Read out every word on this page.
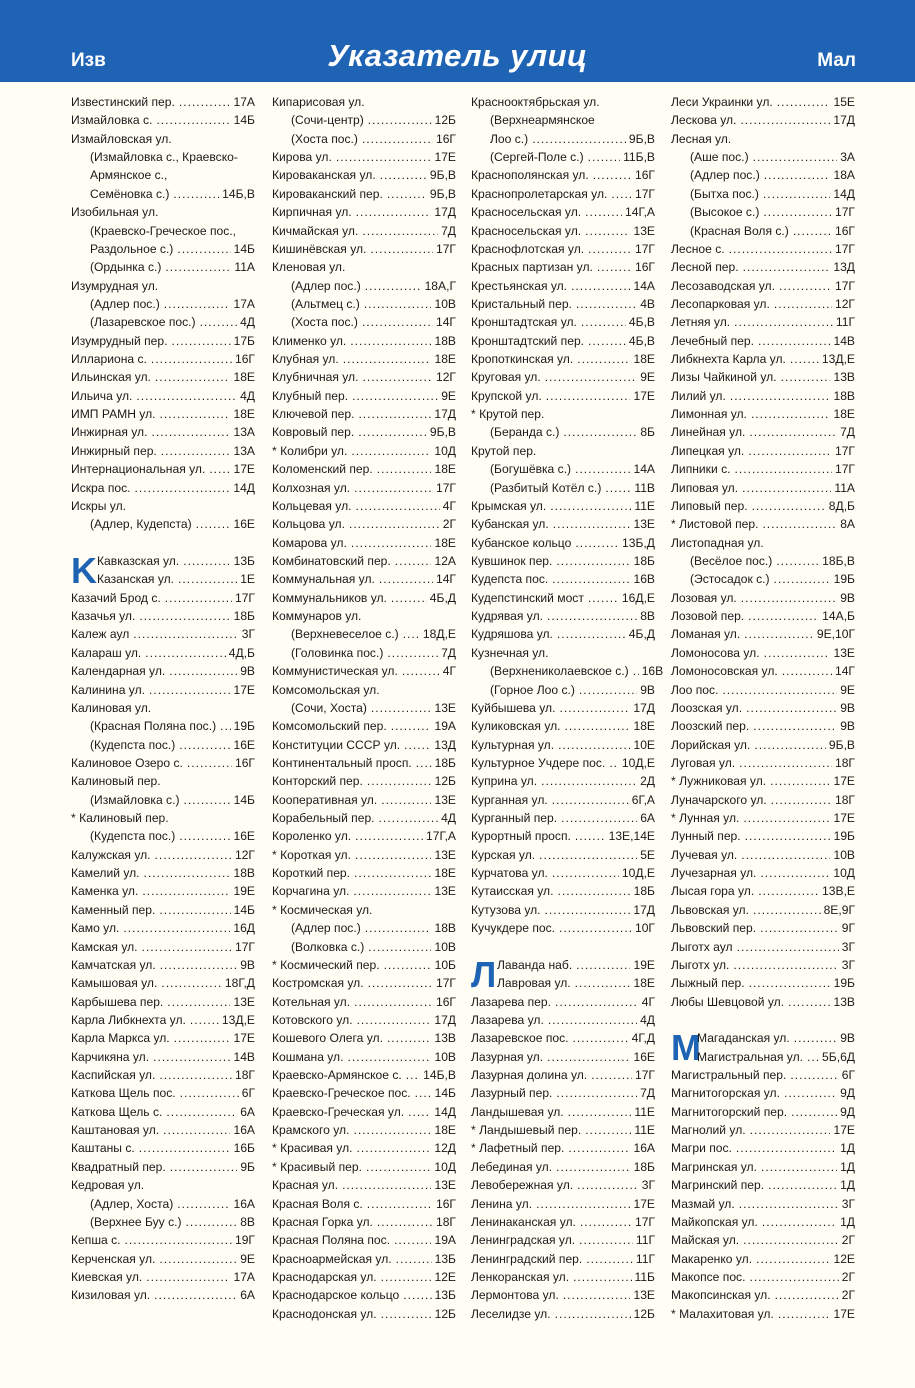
Изв	Указатель улиц	Мал
Известинский пер. .....	17А
Измайловка с. .....	14Б
Измайловская ул.
(Измайловка с., Краевско-
Армянское с.,
Семёновка с.) .....	14Б,В
Изобильная ул.
(Краевско-Греческое пос.,
Раздольное с.) .....	14Б
(Ордынка с.) .....	11А
Изумрудная ул.
(Адлер пос.) .....	17А
(Лазаревское пос.) .....	4Д
Изумрудный пер. .....	17Б
Иллариона с. .....	16Г
Ильинская ул. .....	18Е
Ильича ул. .....	4Д
ИМП РАМН ул. .....	18Е
Инжирная ул. .....	13А
Инжирный пер. .....	13А
Интернациональная ул. ..... 17Е
Искра пос. .....	14Д
Искры ул.
(Адлер, Кудепста) .....	16Е
K Кавказская ул. .....	13Б
Казанская ул. .....	1Е
Казачий Брод с. .....	17Г
Казачья ул. .....	18Б
Калеж аул .....	3Г
Калараш ул. .....	4Д,Б
Календарная ул. .....	9В
Калинина ул. .....	17Е
Калиновая ул.
(Красная Поляна пос.) ..... 19Б
(Кудепста пос.) .....	16Е
Калиновое Озеро с. .....	16Г
Калиновый пер.
(Измайловка с.) .....	14Б
* Калиновый пер.
(Кудепста пос.) .....	16Е
Калужская ул. .....	12Г
Камелий ул. .....	18В
Каменка ул. .....	19Е
Каменный пер. .....	14Б
Камо ул. .....	16Д
Камская ул. .....	17Г
Камчатская ул. .....	9В
Камышовая ул. .....	18Г,Д
Карбышева пер. .....	13Е
Карла Либкнехта ул. .....	13Д,Е
Карла Маркса ул. .....	17Е
Карчикяна ул. .....	14В
Каспийская ул. .....	18Г
Каткова Щель пос. .....	6Г
Каткова Щель с. .....	6А
Каштановая ул. .....	16А
Каштаны с. .....	16Б
Квадратный пер. .....	9Б
Кедровая ул.
(Адлер, Хоста) .....	16А
(Верхнее Буу с.) .....	8В
Кепша с. .....	19Г
Керченская ул. .....	9Е
Киевская ул. .....	17А
Кизиловая ул. .....	6А
Кипарисовая ул.
(Сочи-центр) .....	12Б
(Хоста пос.) .....	16Г
Кирова ул. .....	17Е
Кироваканская ул. .....	9Б,В
Кироваканский пер. .....	9Б,В
Кирпичная ул. .....	17Д
Кичмайская ул. .....	7Д
Кишинёвская ул. .....	17Г
Кленовая ул.
(Адлер пос.) .....	18А,Г
(Альтмец с.) .....	10В
(Хоста пос.) .....	14Г
Клименко ул. .....	18В
Клубная ул. .....	18Е
Клубничная ул. .....	12Г
Клубный пер. .....	9Е
Ключевой пер. .....	17Д
Ковровый пер. .....	9Б,В
* Колибри ул. .....	10Д
Коломенский пер. .....	18Е
Колхозная ул. .....	17Г
Кольцевая ул. .....	4Г
Кольцова ул. .....	2Г
Комарова ул. .....	18Е
Комбинатовский пер. .....	12А
Коммунальная ул. .....	14Г
Коммунальников ул. .....	4Б,Д
Коммунаров ул.
(Верхневеселое с.) ..... 18Д,Е
(Головинка пос.) .....	7Д
Коммунистическая ул. .....	4Г
Комсомольская ул.
(Сочи, Хоста) .....	13Е
Комсомольский пер. .....	19А
Конституции СССР ул. .....	13Д
Континентальный просп. ..... 18Б
Конторский пер. .....	12Б
Кооперативная ул. .....	13Е
Корабельный пер. .....	4Д
Короленко ул. .....	17Г,А
* Короткая ул. .....	13Е
Короткий пер. .....	18Е
Корчагина ул. .....	13Е
* Космическая ул.
(Адлер пос.) .....	18В
(Волковка с.) .....	10В
* Космический пер. .....	10Б
Костромская ул. .....	17Г
Котельная ул. .....	16Г
Котовского ул. .....	17Д
Кошевого Олега ул. .....	13В
Кошмана ул. .....	10В
Краевско-Армянское с. ..... 14Б,В
Краевско-Греческое пос. ..... 14Б
Краевско-Греческая ул. ..... 14Д
Крамского ул. .....	18Е
* Красивая ул. .....	12Д
* Красивый пер. .....	10Д
Красная ул. .....	13Е
Красная Воля с. .....	16Г
Красная Горка ул. .....	18Г
Красная Поляна пос. .....	19А
Красноармейская ул. .....	13Б
Краснодарская ул. .....	12Е
Краснодарское кольцо .....	13Б
Краснодонская ул. .....	12Б
Краснооктябрьская ул.
(Верхнеармянское
Лоо с.) .....	9Б,В
(Сергей-Поле с.) .....	11Б,В
Краснополянская ул. .....	16Г
Краснопролетарская ул. ..... 17Г
Красносельская ул. .....	14Г,А
Красносельская ул. .....	13Е
Краснофлотская ул. .....	17Г
Красных партизан ул. .....	16Г
Крестьянская ул. .....	14А
Кристальный пер. .....	4В
Кронштадтская ул. .....	4Б,В
Кронштадтский пер. .....	4Б,В
Кропоткинская ул. .....	18Е
Круговая ул. .....	9Е
Крупской ул. .....	17Е
* Крутой пер.
(Беранда с.) .....	8Б
Крутой пер.
(Богушёвка с.) .....	14А
(Разбитый Котёл с.) .....	11В
Крымская ул. .....	11Е
Кубанская ул. .....	13Е
Кубанское кольцо .....	13Б,Д
Кувшинок пер. .....	18Б
Кудепста пос. .....	16В
Кудепстинский мост .....	16Д,Е
Кудрявая ул. .....	8В
Кудряшова ул. .....	4Б,Д
Кузнечная ул.
(Верхнениколаевское с.) ..... 16В
(Горное Лоо с.) .....	9В
Куйбышева ул. .....	17Д
Куликовская ул. .....	18Е
Культурная ул. .....	10Е
Культурное Учдере пос. ..... 10Д,Е
Куприна ул. .....	2Д
Курганная ул. .....	6Г,А
Курганный пер. .....	6А
Курортный просп. .....	13Е,14Е
Курская ул. .....	5Е
Курчатова ул. .....	10Д,Е
Кутаисская ул. .....	18Б
Кутузова ул. .....	17Д
Кучукдере пос. .....	10Г
Л Лаванда наб. .....	19Е
Лавровая ул. .....	18Е
Лазарева пер. .....	4Г
Лазарева ул. .....	4Д
Лазаревское пос. .....	4Г,Д
Лазурная ул. .....	16Е
Лазурная долина ул. .....	17Г
Лазурный пер. .....	7Д
Ландышевая ул. .....	11Е
* Ландышевый пер. .....	11Е
* Лафетный пер. .....	16А
Лебединая ул. .....	18Б
Левобережная ул. .....	3Г
Ленина ул. .....	17Е
Ленинаканская ул. .....	17Г
Ленинградская ул. .....	11Г
Ленинградский пер. .....	11Г
Ленкоранская ул. .....	11Б
Лермонтова ул. .....	13Е
Леселидзе ул. .....	12Б
Леси Украинки ул. .....	15Е
Лескова ул. .....	17Д
Лесная ул.
(Аше пос.) .....	3А
(Адлер пос.) .....	18А
(Бытха пос.) .....	14Д
(Высокое с.) .....	17Г
(Красная Воля с.) .....	16Г
Лесное с. .....	17Г
Лесной пер. .....	13Д
Лесозаводская ул. .....	17Г
Лесопарковая ул. .....	12Г
Летняя ул. .....	11Г
Лечебный пер. .....	14В
Либкнехта Карла ул. .....	13Д,Е
Лизы Чайкиной ул. .....	13В
Лилий ул. .....	18В
Лимонная ул. .....	18Е
Линейная ул. .....	7Д
Липецкая ул. .....	17Г
Липники с. .....	17Г
Липовая ул. .....	11А
Липовый пер. .....	8Д,Б
* Листовой пер. .....	8А
Листопадная ул.
(Весёлое пос.) .....	18Б,В
(Эстосадок с.) .....	19Б
Лозовая ул. .....	9В
Лозовой пер. .....	14А,Б
Ломаная ул. .....	9Е,10Г
Ломоносова ул. .....	13Е
Ломоносовская ул. .....	14Г
Лоо пос. .....	9Е
Лоозская ул. .....	9В
Лоозский пер. .....	9В
Лорийская ул. .....	9Б,В
Луговая ул. .....	18Г
* Лужниковая ул. .....	17Е
Луначарского ул. .....	18Г
* Лунная ул. .....	17Е
Лунный пер. .....	19Б
Лучевая ул. .....	10В
Лучезарная ул. .....	10Д
Лысая гора ул. .....	13В,Е
Львовская ул. .....	8Е,9Г
Львовский пер. .....	9Г
Лыготх аул .....	3Г
Лыготх ул. .....	3Г
Лыжный пер. .....	19Б
Любы Шевцовой ул. .....	13В
М
Магаданская ул. .....	9В
Магистральная ул. ..... 5Б,6Д
Магистральный пер. .....	6Г
Магнитогорская ул. .....	9Д
Магнитогорский пер. .....	9Д
Магнолий ул. .....	17Е
Магри пос. .....	1Д
Магринская ул. .....	1Д
Магринский пер. .....	1Д
Мазмай ул. .....	3Г
Майкопская ул. .....	1Д
Майская ул. .....	2Г
Макаренко ул. .....	12Е
Макопсе пос. .....	2Г
Макопсинская ул. .....	2Г
* Малахитовая ул. .....	17Е
